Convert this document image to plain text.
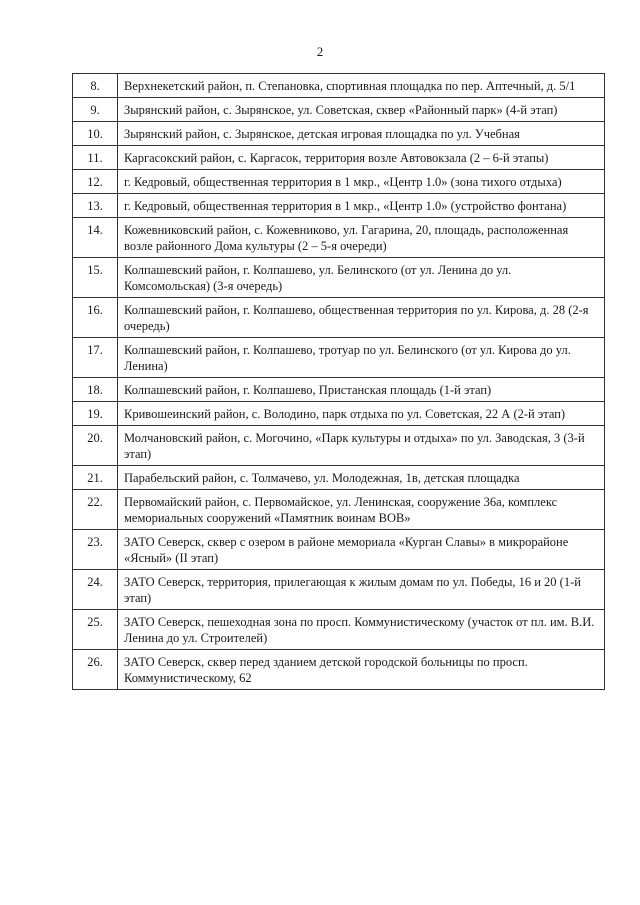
2
8.	Верхнекетский район, п. Степановка, спортивная площадка по пер. Аптечный, д. 5/1
9.	Зырянский район, с. Зырянское, ул. Советская, сквер «Районный парк» (4-й этап)
10.	Зырянский район, с. Зырянское, детская игровая площадка по ул. Учебная
11.	Каргасокский район, с. Каргасок, территория возле Автовокзала (2 – 6-й этапы)
12.	г. Кедровый, общественная территория в 1 мкр., «Центр 1.0» (зона тихого отдыха)
13.	г. Кедровый, общественная территория в 1 мкр., «Центр 1.0» (устройство фонтана)
14.	Кожевниковский район, с. Кожевниково, ул. Гагарина, 20, площадь, расположенная возле районного Дома культуры (2 – 5-я очереди)
15.	Колпашевский район, г. Колпашево, ул. Белинского (от ул. Ленина до ул. Комсомольская) (3-я очередь)
16.	Колпашевский район, г. Колпашево, общественная территория по ул. Кирова, д. 28 (2-я очередь)
17.	Колпашевский район, г. Колпашево, тротуар по ул. Белинского (от ул. Кирова до ул. Ленина)
18.	Колпашевский район, г. Колпашево, Пристанская площадь (1-й этап)
19.	Кривошеинский район, с. Володино, парк отдыха по ул. Советская, 22 А (2-й этап)
20.	Молчановский район, с. Могочино, «Парк культуры и отдыха» по ул. Заводская, 3 (3-й этап)
21.	Парабельский район, с. Толмачево, ул. Молодежная, 1в, детская площадка
22.	Первомайский район, с. Первомайское, ул. Ленинская, сооружение 36а, комплекс мемориальных сооружений «Памятник воинам ВОВ»
23.	ЗАТО Северск, сквер с озером в районе мемориала «Курган Славы» в микрорайоне «Ясный» (II этап)
24.	ЗАТО Северск, территория, прилегающая к жилым домам по ул. Победы, 16 и 20 (1-й этап)
25.	ЗАТО Северск, пешеходная зона по просп. Коммунистическому (участок от пл. им. В.И. Ленина до ул. Строителей)
26.	ЗАТО Северск, сквер перед зданием детской городской больницы по просп. Коммунистическому, 62
